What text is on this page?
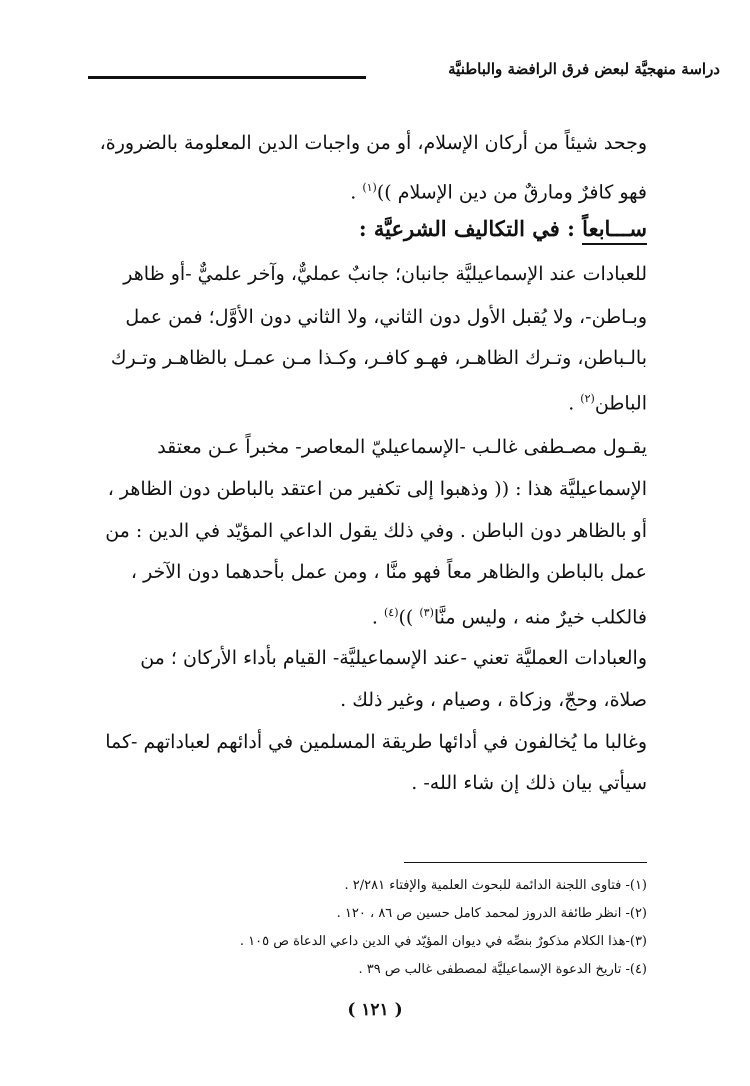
دراسة منهجيَّة لبعض فرق الرافضة والباطنيَّة
وجحد شيئاً من أركان الإسلام، أو من واجبات الدين المعلومة بالضرورة،
فهو كافرٌ ومارقٌ من دين الإسلام ))$^{(١)}$ .
ســـابعاً : في التكاليف الشرعيَّة :
للعبادات عند الإسماعيليَّة جانبان؛ جانبٌ عمليٌّ، وآخر علميٌّ -أو ظاهر
وبـاطن-، ولا يُقبل الأول دون الثاني، ولا الثاني دون الأوَّل؛ فمن عمل
بالـباطن، وتـرك الظاهـر، فهـو كافـر، وكـذا مـن عمـل بالظاهـر وتـرك
الباطن$^{(٢)}$ .
يقـول مصـطفى غالـب -الإسماعيليّ المعاصر- مخبراً عـن معتقد
الإسماعيليَّة هذا : (( وذهبوا إلى تكفير من اعتقد بالباطن دون الظاهر ،
أو بالظاهر دون الباطن . وفي ذلك يقول الداعي المؤيّد في الدين : من
عمل بالباطن والظاهر معاً فهو منَّا ، ومن عمل بأحدهما دون الآخر ،
فالكلب خيرٌ منه ، وليس منَّا$^{(٣)}$ ))$^{(٤)}$ .
والعبادات العمليَّة تعني -عند الإسماعيليَّة- القيام بأداء الأركان ؛ من
صلاة، وحجّ، وزكاة ، وصيام ، وغير ذلك .
وغالبا ما يُخالفون في أدائها طريقة المسلمين في أدائهم لعباداتهم -كما
سيأتي بيان ذلك إن شاء الله- .
(١)- فتاوى اللجنة الدائمة للبحوث العلمية والإفتاء ٢/٢٨١ .
(٢)- انظر طائفة الدروز لمحمد كامل حسين ص ٨٦ ، ١٢٠ .
(٣)-هذا الكلام مذكورٌ بنصِّه في ديوان المؤيّد في الدين داعي الدعاة ص ١٠٥ .
(٤)- تاريخ الدعوة الإسماعيليَّة لمصطفى غالب ص ٣٩ .
( ١٢١ )
